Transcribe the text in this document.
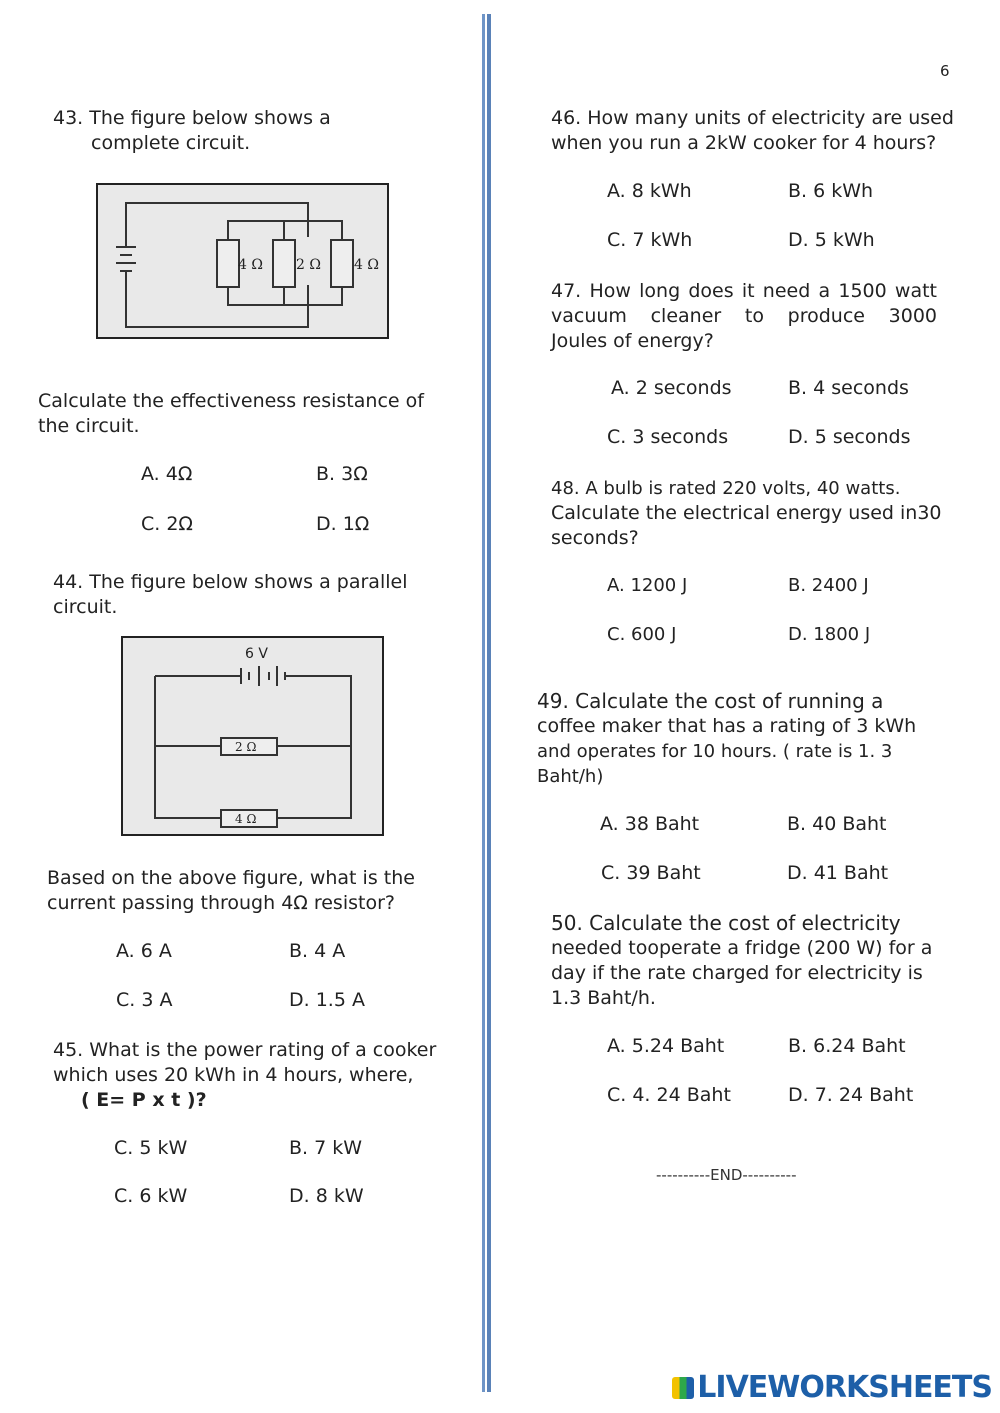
6
43. The figure below shows a
complete circuit.
4 Ω 2 Ω 4 Ω
Calculate the effectiveness resistance of
the circuit.
A. 4Ω	B. 3Ω
C. 2Ω	D. 1Ω
44. The figure below shows a parallel
circuit.
6 V
2 Ω
4 Ω
Based on the above figure, what is the
current passing through 4Ω resistor?
A. 6 A	B. 4 A
C. 3 A	D. 1.5 A
45. What is the power rating of a cooker
which uses 20 kWh in 4 hours, where,
( E= P x t )?
C. 5 kW	B. 7 kW
C. 6 kW	D. 8 kW
46. How many units of electricity are used
when you run a 2kW cooker for 4 hours?
A. 8 kWh	B. 6 kWh
C. 7 kWh	D. 5 kWh
47. How long does it need a 1500 watt
vacuum cleaner to produce 3000
Joules of energy?
A. 2 seconds	B. 4 seconds
C. 3 seconds	D. 5 seconds
48. A bulb is rated 220 volts, 40 watts.
Calculate the electrical energy used in30
seconds?
A. 1200 J	B. 2400 J
C. 600 J	D. 1800 J
49. Calculate the cost of running a
coffee maker that has a rating of 3 kWh
and operates for 10 hours. ( rate is 1. 3
Baht/h)
A. 38 Baht	B. 40 Baht
C. 39 Baht	D. 41 Baht
50. Calculate the cost of electricity
needed tooperate a fridge (200 W) for a
day if the rate charged for electricity is
1.3 Baht/h.
A. 5.24 Baht	B. 6.24 Baht
C. 4. 24 Baht	D. 7. 24 Baht
----------END----------
LIVEWORKSHEETS
